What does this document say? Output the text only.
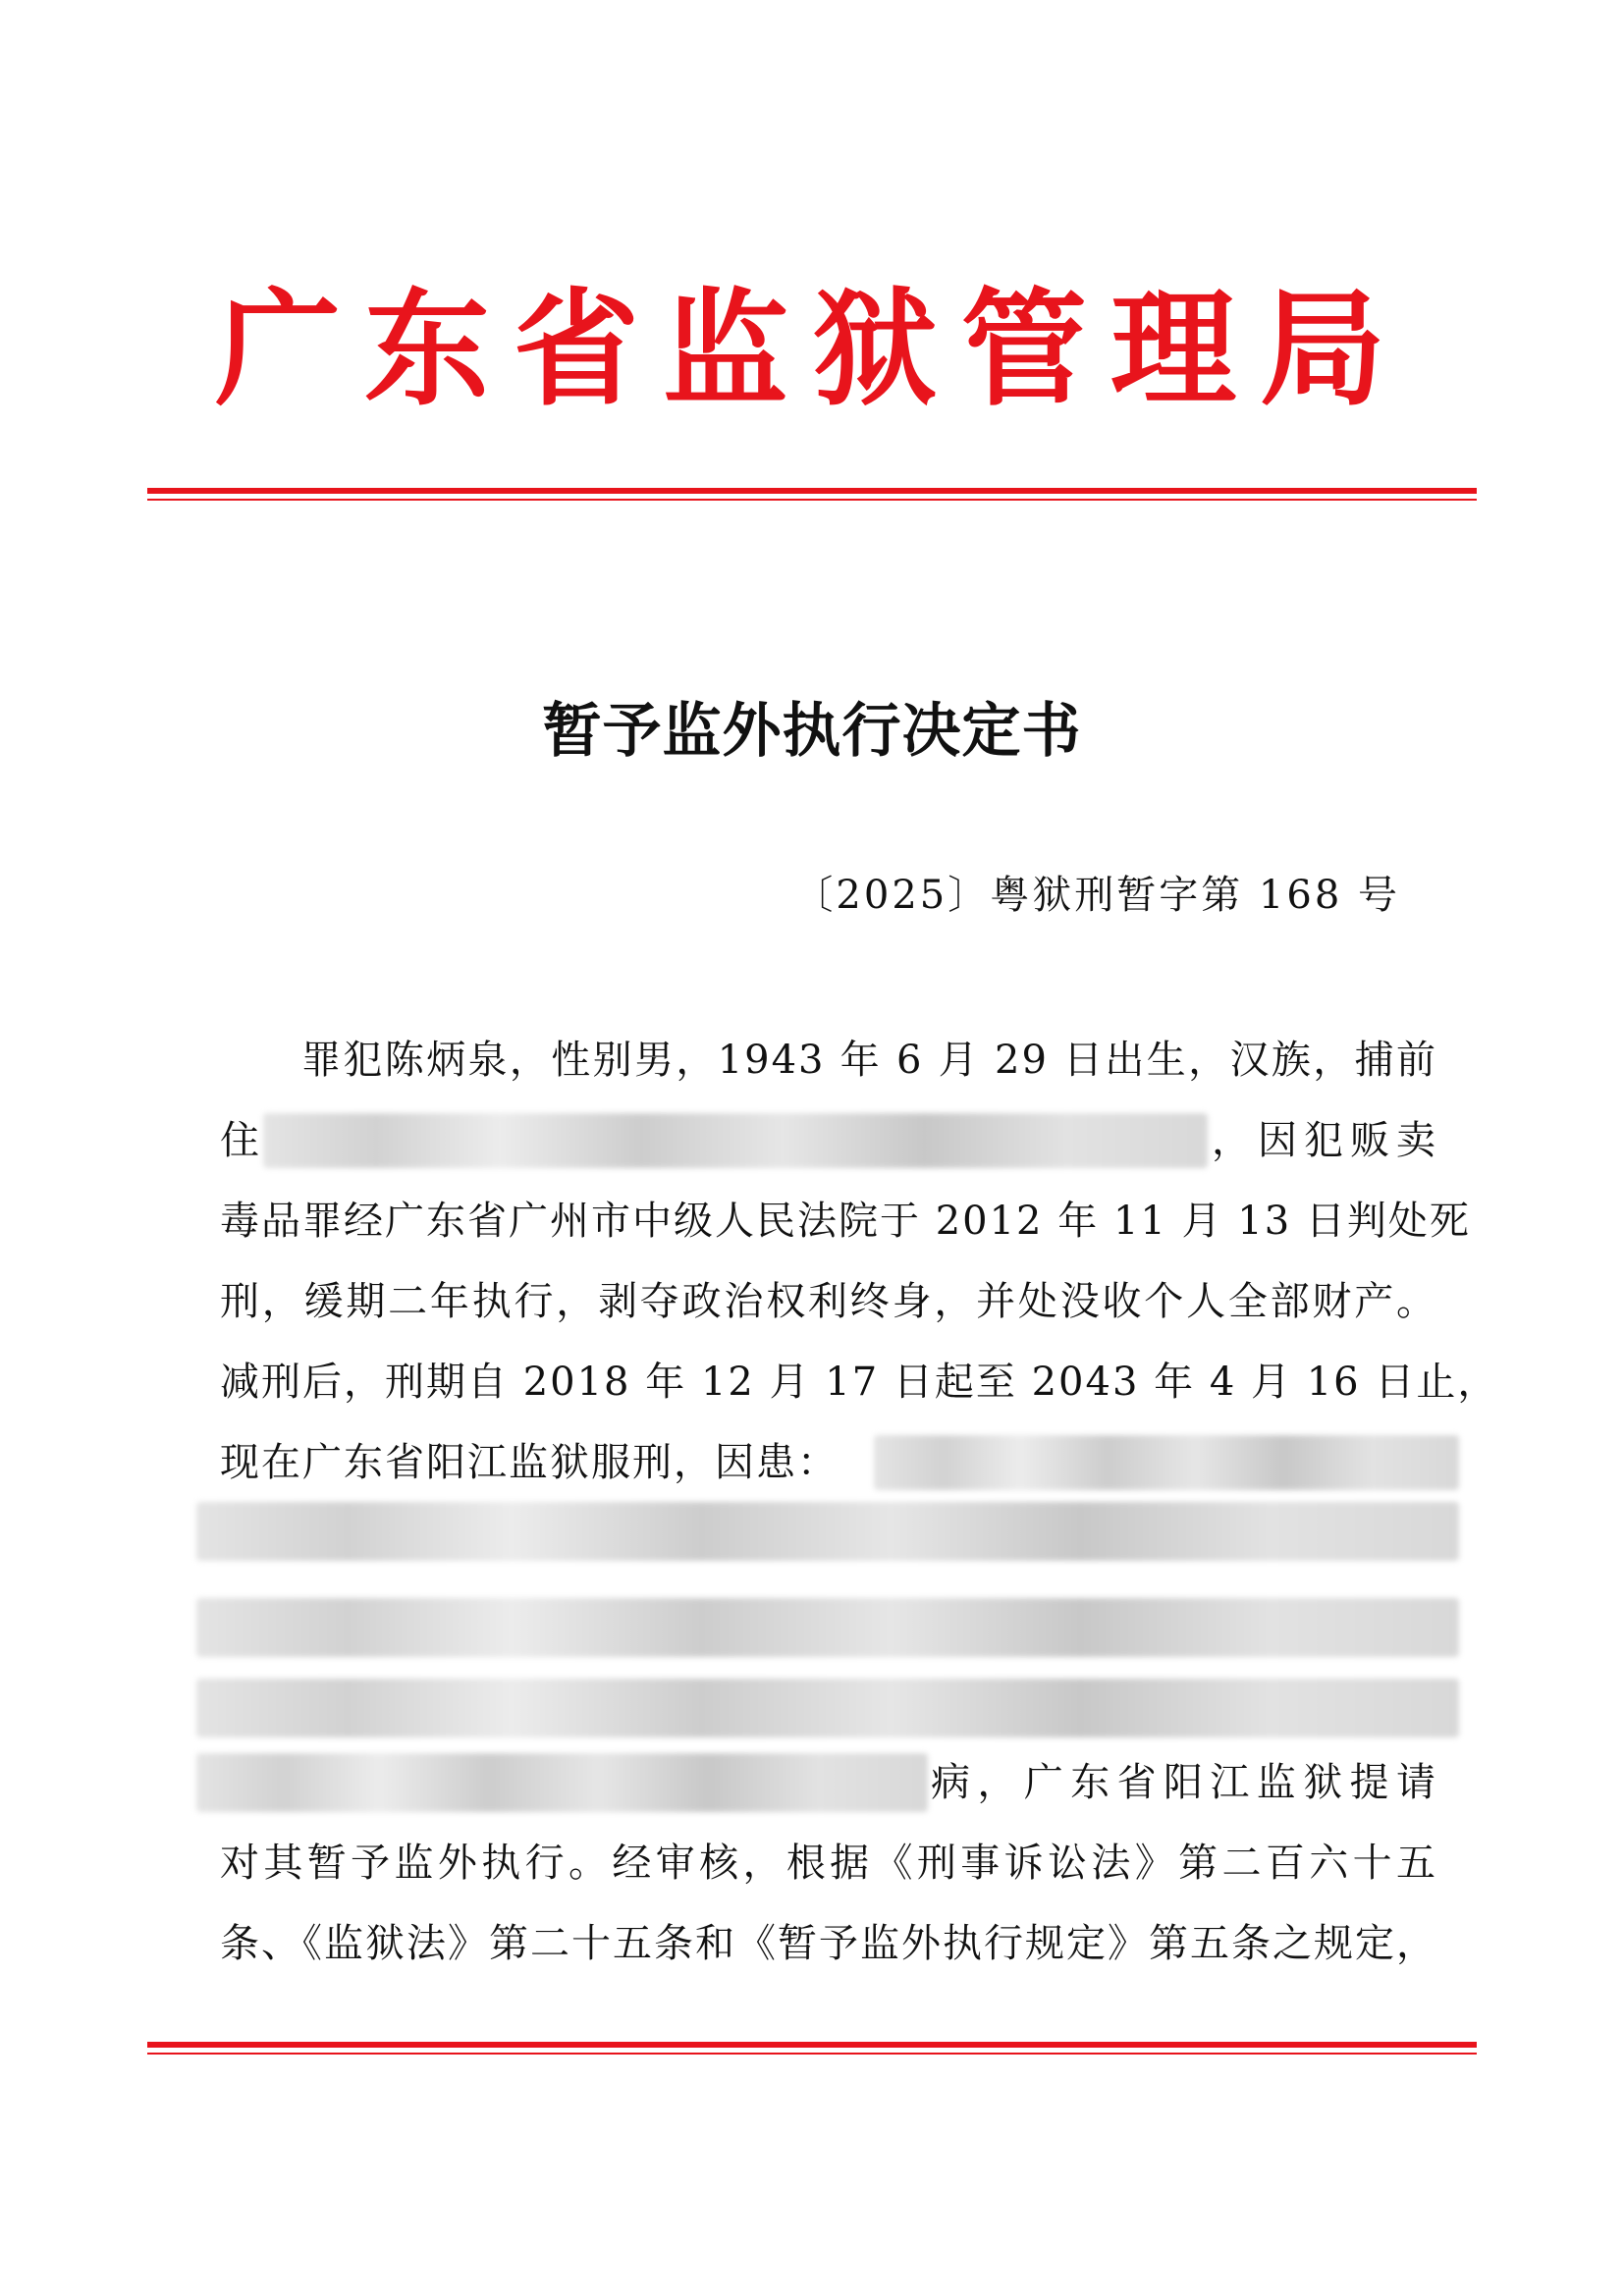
广东省监狱管理局
暂予监外执行决定书
〔2025〕粤狱刑暂字第 168 号
罪犯陈炳泉，性别男，1943 年 6 月 29 日出生，汉族，捕前
住	，因犯贩卖
毒品罪经广东省广州市中级人民法院于 2012 年 11 月 13 日判处死
刑，缓期二年执行，剥夺政治权利终身，并处没收个人全部财产。
减刑后，刑期自 2018 年 12 月 17 日起至 2043 年 4 月 16 日止，
现在广东省阳江监狱服刑，因患：
病，广东省阳江监狱提请
对其暂予监外执行。经审核，根据《刑事诉讼法》第二百六十五
条、《监狱法》第二十五条和《暂予监外执行规定》第五条之规定，
